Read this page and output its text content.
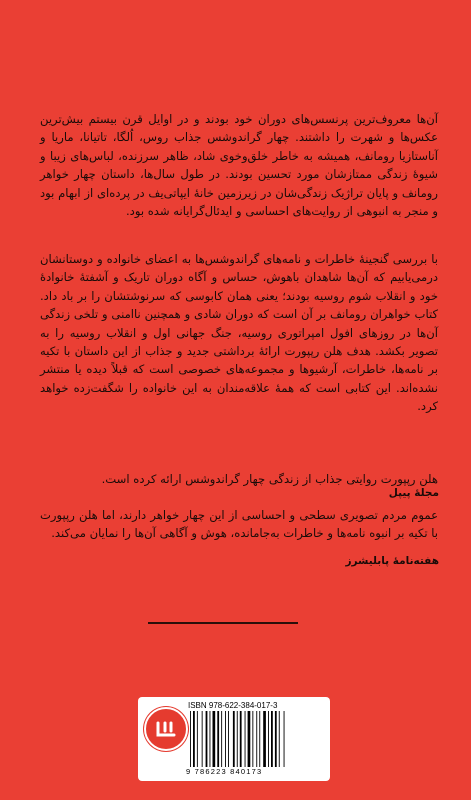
آن‌ها معروف‌ترین پرنسس‌های دوران خود بودند و در اوایل قرن بیستم بیش‌ترین عکس‌ها و شهرت را داشتند. چهار گراندوشس جذاب روس، اُلگا، تاتیانا، ماریا و آناستازیا رومانف، همیشه به خاطر خلق‌وخوی شاد، ظاهر سرزنده، لباس‌های زیبا و شیوۀ زندگی ممتازشان مورد تحسین بودند. در طول سال‌ها، داستان چهار خواهر رومانف و پایان تراژیک زندگی‌شان در زیرزمین خانۀ ایپاتی‌یف در پرده‌ای از ابهام بود و منجر به انبوهی از روایت‌های احساسی و ایدئال‌گرایانه شده بود.
با بررسی گنجینۀ خاطرات و نامه‌های گراندوشس‌ها به اعضای خانواده و دوستانشان درمی‌یابیم که آن‌ها شاهدان باهوش، حساس و آگاه دوران تاریک و آشفتۀ خانوادۀ خود و انقلاب شوم روسیه بودند؛ یعنی همان کابوسی که سرنوشتشان را بر باد داد. کتاب خواهران رومانف بر آن است که دوران شادی و همچنین ناامنی و تلخی زندگی آن‌ها در روزهای افول امپراتوری روسیه، جنگ جهانی اول و انقلاب روسیه را به تصویر بکشد. هدف هلن رپپورت ارائۀ برداشتی جدید و جذاب از این داستان با تکیه بر نامه‌ها، خاطرات، آرشیوها و مجموعه‌های خصوصی است که قبلاً دیده یا منتشر نشده‌اند. این کتابی است که همۀ علاقه‌مندان به این خانواده را شگفت‌زده خواهد کرد.
هلن رپپورت روایتی جذاب از زندگی چهار گراندوشس ارائه کرده است.
مجلۀ پیپل
عموم مردم تصویری سطحی و احساسی از این چهار خواهر دارند، اما هلن رپپورت با تکیه بر انبوه نامه‌ها و خاطرات به‌جامانده، هوش و آگاهی آن‌ها را نمایان می‌کند.
هفته‌نامۀ پابلیشرز
ISBN 978-622-384-017-3
9 786223 840173
